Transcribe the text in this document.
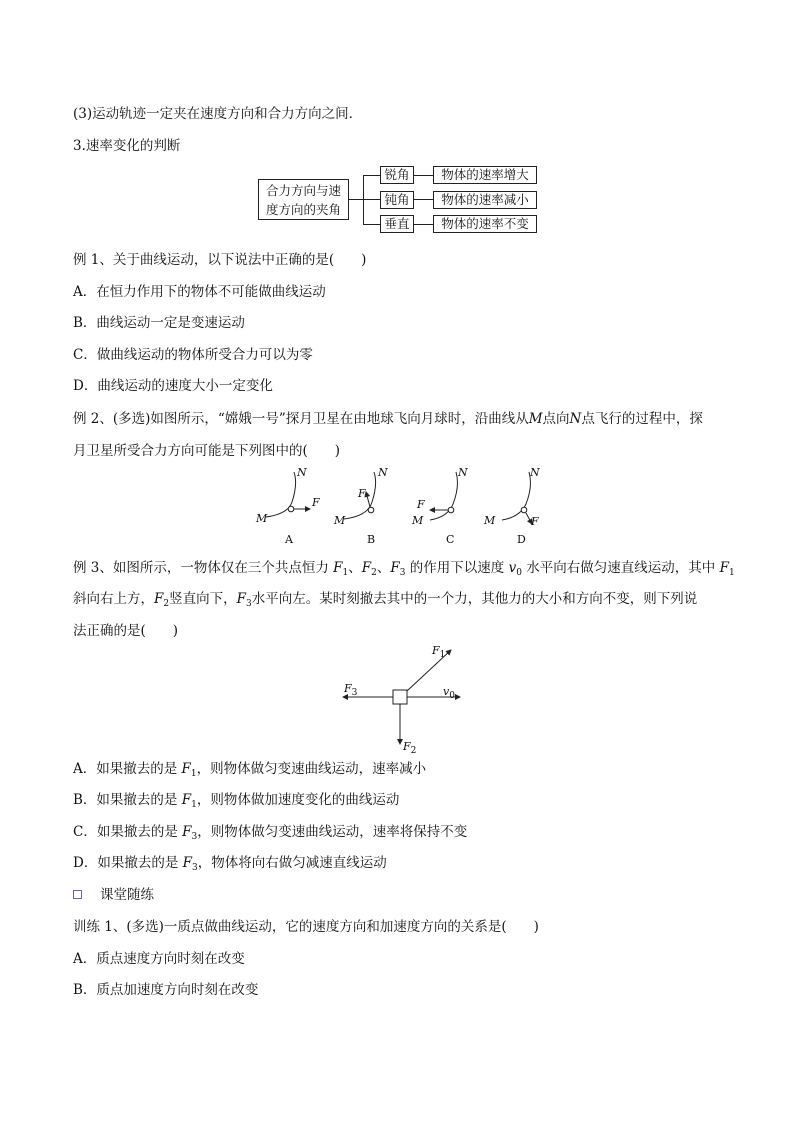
(3)运动轨迹一定夹在速度方向和合力方向之间．
3.速率变化的判断
合力方向与速
度方向的夹角
锐角
钝角
垂直
物体的速率增大
物体的速率减小
物体的速率不变
例 1、关于曲线运动，以下说法中正确的是(　　)
A．在恒力作用下的物体不可能做曲线运动
B．曲线运动一定是变速运动
C．做曲线运动的物体所受合力可以为零
D．曲线运动的速度大小一定变化
例 2、(多选)如图所示，“嫦娥一号”探月卫星在由地球飞向月球时，沿曲线从M点向N点飞行的过程中，探
月卫星所受合力方向可能是下列图中的(　　)
N
M
F
A
N
M
F
B
N
M
F
C
N
M	F
D
例 3、如图所示，一物体仅在三个共点恒力 $F_1$、$F_2$、$F_3$ 的作用下以速度 $v_0$ 水平向右做匀速直线运动，其中 $F_1$
斜向右上方，$F_2$竖直向下，$F_3$水平向左。某时刻撤去其中的一个力，其他力的大小和方向不变，则下列说
法正确的是(　　)
$F_1$
$F_3$	$v_0$
$F_2$
A．如果撤去的是 $F_1$，则物体做匀变速曲线运动，速率减小
B．如果撤去的是 $F_1$，则物体做加速度变化的曲线运动
C．如果撤去的是 $F_3$，则物体做匀变速曲线运动，速率将保持不变
D．如果撤去的是 $F_3$，物体将向右做匀减速直线运动
课堂随练
训练 1、(多选)一质点做曲线运动，它的速度方向和加速度方向的关系是(　　)
A．质点速度方向时刻在改变
B．质点加速度方向时刻在改变
